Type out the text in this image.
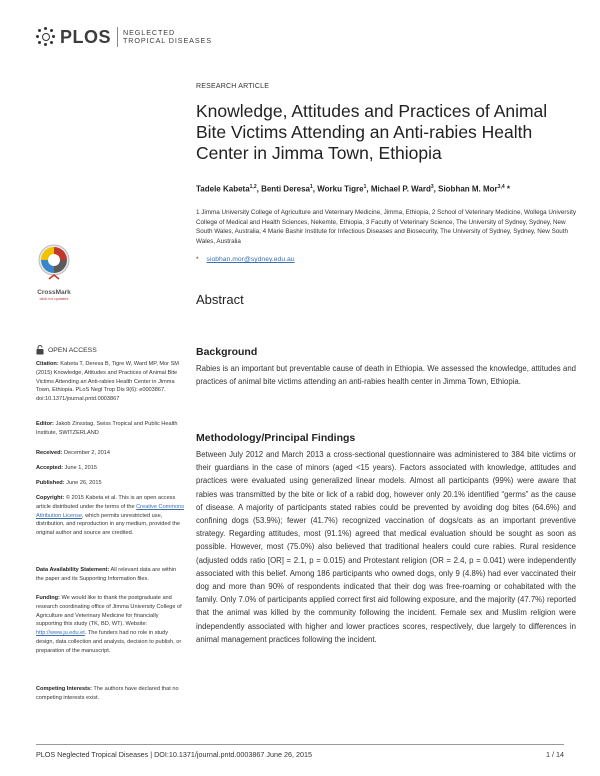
PLOS NEGLECTED
TROPICAL DISEASES
RESEARCH ARTICLE
Knowledge, Attitudes and Practices of Animal Bite Victims Attending an Anti-rabies Health Center in Jimma Town, Ethiopia
Tadele Kabeta$^{1,2}$, Benti Deresa$^1$, Worku Tigre$^1$, Michael P. Ward$^3$, Siobhan M. Mor$^{3,4}$ *
1 Jimma University College of Agriculture and Veterinary Medicine, Jimma, Ethiopia, 2 School of Veterinary Medicine, Wollega University College of Medical and Health Sciences, Nekemte, Ethiopia, 3 Faculty of Veterinary Science, The University of Sydney, Sydney, New South Wales, Australia, 4 Marie Bashir Institute for Infectious Diseases and Biosecurity, The University of Sydney, Sydney, New South Wales, Australia
* siobhan.mor@sydney.edu.au
CrossMark
click for updates
OPEN ACCESS
Citation: Kabeta T, Deresa B, Tigre W, Ward MP, Mor SM (2015) Knowledge, Attitudes and Practices of Animal Bite Victims Attending an Anti-rabies Health Center in Jimma Town, Ethiopia. PLoS Negl Trop Dis 9(6): e0003867. doi:10.1371/journal.pntd.0003867
Editor: Jakob Zinsstag, Swiss Tropical and Public Health Institute, SWITZERLAND
Received: December 2, 2014
Accepted: June 1, 2015
Published: June 26, 2015
Copyright: © 2015 Kabeta et al. This is an open access article distributed under the terms of the Creative Commons Attribution License, which permits unrestricted use, distribution, and reproduction in any medium, provided the original author and source are credited.
Data Availability Statement: All relevant data are within the paper and its Supporting Information files.
Funding: We would like to thank the postgraduate and research coordinating office of Jimma University College of Agriculture and Veterinary Medicine for financially supporting this study (TK, BD, WT). Website: http://www.ju.edu.et. The funders had no role in study design, data collection and analysis, decision to publish, or preparation of the manuscript.
Competing Interests: The authors have declared that no competing interests exist.
Abstract
Background

Rabies is an important but preventable cause of death in Ethiopia. We assessed the knowledge, attitudes and practices of animal bite victims attending an anti-rabies health center in Jimma Town, Ethiopia.

Methodology/Principal Findings

Between July 2012 and March 2013 a cross-sectional questionnaire was administered to 384 bite victims or their guardians in the case of minors (aged <15 years). Factors associated with knowledge, attitudes and practices were evaluated using generalized linear models. Almost all participants (99%) were aware that rabies was transmitted by the bite or lick of a rabid dog, however only 20.1% identified “germs” as the cause of disease. A majority of participants stated rabies could be prevented by avoiding dog bites (64.6%) and confining dogs (53.9%); fewer (41.7%) recognized vaccination of dogs/cats as an important preventive strategy. Regarding attitudes, most (91.1%) agreed that medical evaluation should be sought as soon as possible. However, most (75.0%) also believed that traditional healers could cure rabies. Rural residence (adjusted odds ratio [OR] = 2.1, p = 0.015) and Protestant religion (OR = 2.4, p = 0.041) were independently associated with this belief. Among 186 participants who owned dogs, only 9 (4.8%) had ever vaccinated their dog and more than 90% of respondents indicated that their dog was free-roaming or cohabitated with the family. Only 7.0% of participants applied correct first aid following exposure, and the majority (47.7%) reported that the animal was killed by the community following the incident. Female sex and Muslim religion were independently associated with higher and lower practices scores, respectively, due largely to differences in animal management practices following the incident.

PLOS Neglected Tropical Diseases | DOI:10.1371/journal.pntd.0003867 June 26, 2015	1 / 14
